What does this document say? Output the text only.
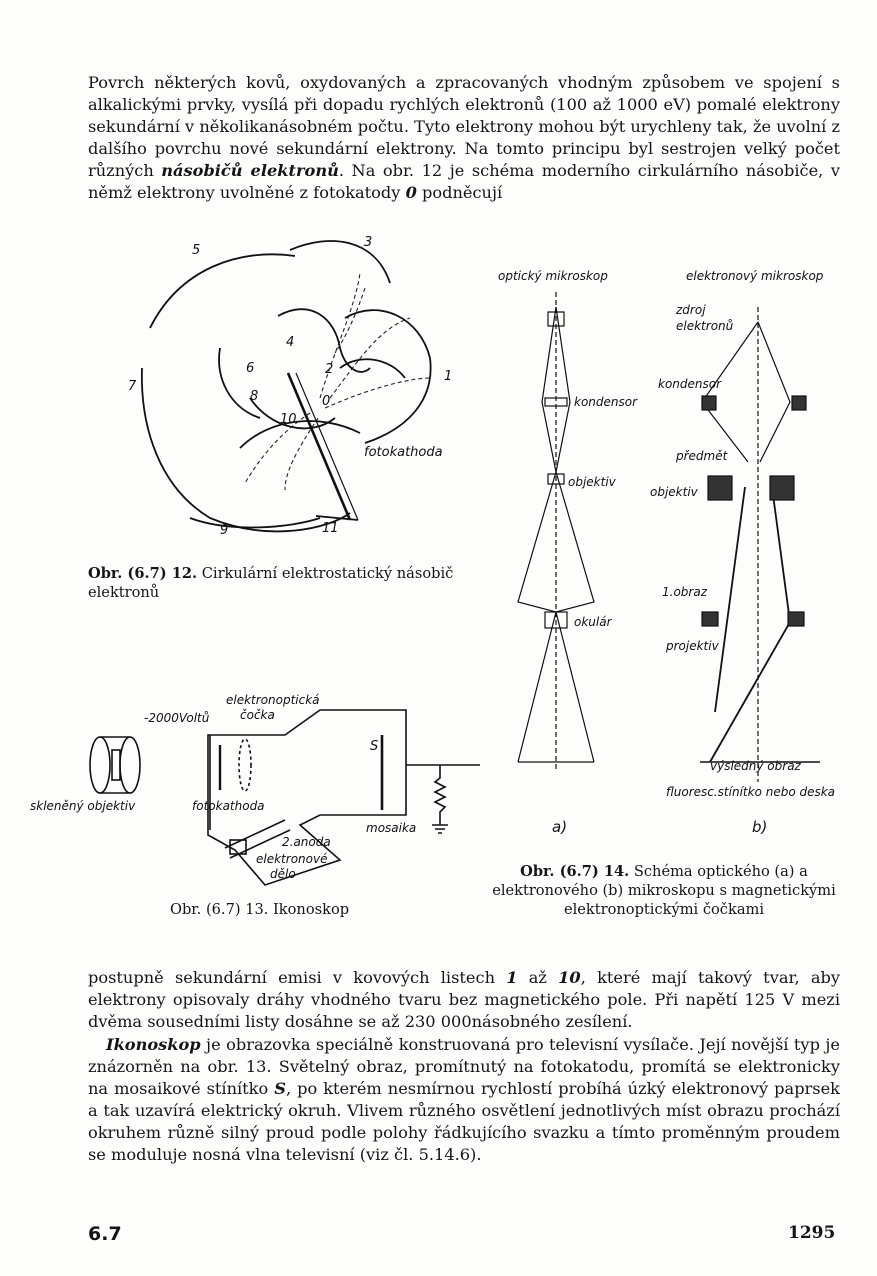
Povrch některých kovů, oxydovaných a zpracovaných vhodným způsobem ve spojení s alkalickými prvky, vysílá při dopadu rychlých elektronů (100 až 1000 eV) pomalé elektrony sekundární v několikanásobném počtu. Tyto elektrony mohou být urychleny tak, že uvolní z dalšího povrchu nové sekundární elektrony. Na tomto principu byl sestrojen velký počet různých násobičů elektronů. Na obr. 12 je schéma moderního cirkulárního násobiče, v němž elektrony uvolněné z fotokatody 0 podněcují

5
3
4
6	2	1
7
8	0
10
fotokathoda
9	11

Obr. (6.7) 12. Cirkulární elektrostatický násobič elektronů

-2000Voltů
elektronoptická
čočka
S
skleněný objektiv	fotokathoda
mosaika
2.anoda
elektronové
dělo

Obr. (6.7) 13. Ikonoskop

optický mikroskop	elektronový mikroskop
kondensor
objektiv
okulár
zdroj
elektronů
kondensor
předmět
objektiv
1.obraz
projektiv
výsledný obraz
fluoresc.stínítko nebo deska
a)	b)

Obr. (6.7) 14. Schéma optického (a) a elektronového (b) mikroskopu s magnetickými elektronoptickými čočkami

postupně sekundární emisi v kovových listech 1 až 10, které mají takový tvar, aby elektrony opisovaly dráhy vhodného tvaru bez magnetického pole. Při napětí 125 V mezi dvěma sousedními listy dosáhne se až 230 000násobného zesílení.

Ikonoskop je obrazovka speciálně konstruovaná pro televisní vysílače. Její novější typ je znázorněn na obr. 13. Světelný obraz, promítnutý na fotokatodu, promítá se elektronicky na mosaikové stínítko S, po kterém nesmírnou rychlostí probíhá úzký elektronový paprsek a tak uzavírá elektrický okruh. Vlivem různého osvětlení jednotlivých míst obrazu prochází okruhem různě silný proud podle polohy řádkujícího svazku a tímto proměnným proudem se moduluje nosná vlna televisní (viz čl. 5.14.6).

6.7	1295
